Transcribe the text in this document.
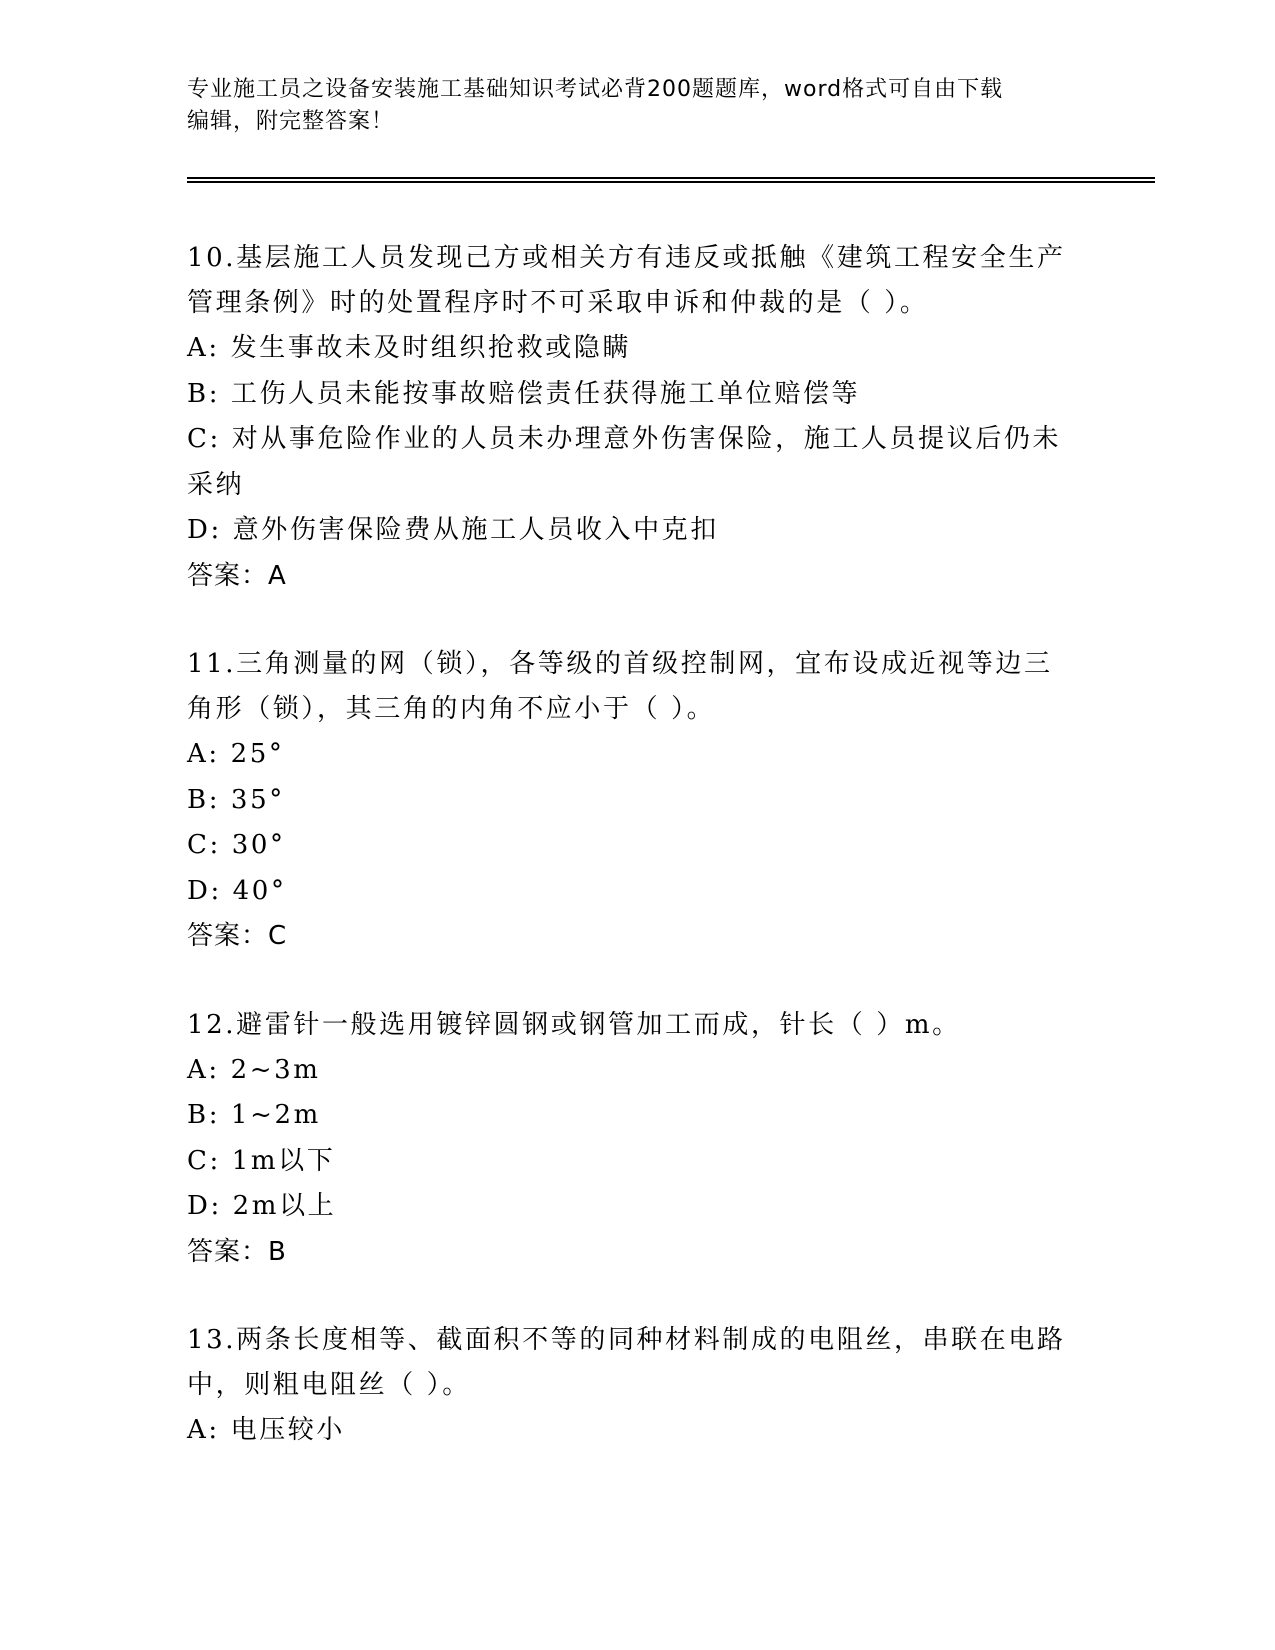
专业施工员之设备安装施工基础知识考试必背200题题库，word格式可自由下载
编辑，附完整答案！
10.基层施工人员发现己方或相关方有违反或抵触《建筑工程安全生产
管理条例》时的处置程序时不可采取申诉和仲裁的是（ ）。
A: 发生事故未及时组织抢救或隐瞒
B: 工伤人员未能按事故赔偿责任获得施工单位赔偿等
C: 对从事危险作业的人员未办理意外伤害保险，施工人员提议后仍未
采纳
D: 意外伤害保险费从施工人员收入中克扣
答案：A
11.三角测量的网（锁），各等级的首级控制网，宜布设成近视等边三
角形（锁），其三角的内角不应小于（ ）。
A: 25°
B: 35°
C: 30°
D: 40°
答案：C
12.避雷针一般选用镀锌圆钢或钢管加工而成，针长（ ）m。
A: 2~3m
B: 1~2m
C: 1m以下
D: 2m以上
答案：B
13.两条长度相等、截面积不等的同种材料制成的电阻丝，串联在电路
中，则粗电阻丝（ ）。
A: 电压较小
